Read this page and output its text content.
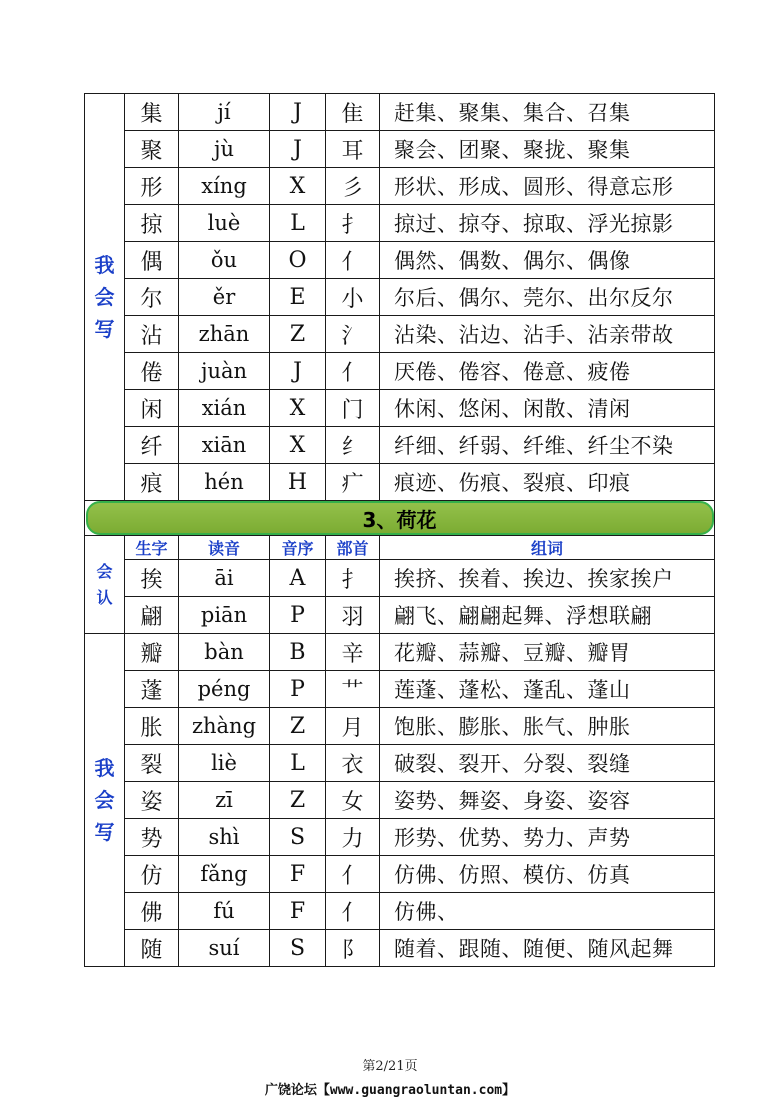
我
会
写	集	jí	J	隹	赶集、聚集、集合、召集
	聚	jù	J	耳	聚会、团聚、聚拢、聚集
	形	xíng	X	彡	形状、形成、圆形、得意忘形
	掠	luè	L	扌	掠过、掠夺、掠取、浮光掠影
	偶	ǒu	O	亻	偶然、偶数、偶尔、偶像
	尔	ěr	E	小	尔后、偶尔、莞尔、出尔反尔
	沾	zhān	Z	氵	沾染、沾边、沾手、沾亲带故
	倦	juàn	J	亻	厌倦、倦容、倦意、疲倦
	闲	xián	X	门	休闲、悠闲、闲散、清闲
	纤	xiān	X	纟	纤细、纤弱、纤维、纤尘不染
	痕	hén	H	疒	痕迹、伤痕、裂痕、印痕

3、荷花					

会
认	生字	读音	音序	部首	组词
	挨	āi	A	扌	挨挤、挨着、挨边、挨家挨户
	翩	piān	P	羽	翩飞、翩翩起舞、浮想联翩

我
会
写	瓣	bàn	B	辛	花瓣、蒜瓣、豆瓣、瓣胃
	蓬	péng	P	艹	莲蓬、蓬松、蓬乱、蓬山
	胀	zhàng	Z	月	饱胀、膨胀、胀气、肿胀
	裂	liè	L	衣	破裂、裂开、分裂、裂缝
	姿	zī	Z	女	姿势、舞姿、身姿、姿容
	势	shì	S	力	形势、优势、势力、声势
	仿	fǎng	F	亻	仿佛、仿照、模仿、仿真
	佛	fú	F	亻	仿佛、
	随	suí	S	阝	随着、跟随、随便、随风起舞
第2/21页
广饶论坛【www.guangraoluntan.com】
